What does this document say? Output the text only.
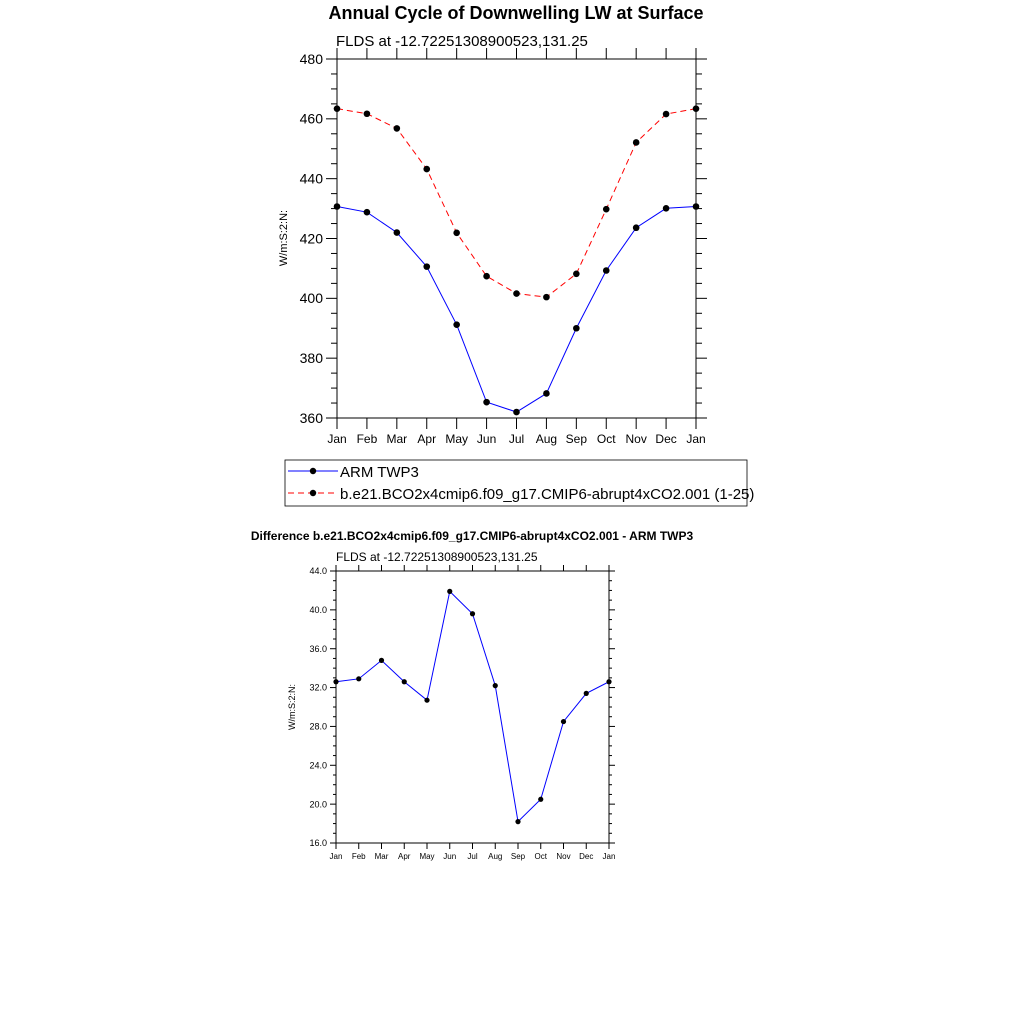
Annual Cycle of Downwelling LW at Surface
FLDS at -12.72251308900523,131.25
W/m:S:2:N:
360
380
400
420
440
460
480
Jan Feb Mar Apr May Jun Jul Aug Sep Oct Nov Dec Jan
ARM TWP3
b.e21.BCO2x4cmip6.f09_g17.CMIP6-abrupt4xCO2.001 (1-25)
Difference b.e21.BCO2x4cmip6.f09_g17.CMIP6-abrupt4xCO2.001 - ARM TWP3
FLDS at -12.72251308900523,131.25
W/m:S:2:N:
16.0
20.0
24.0
28.0
32.0
36.0
40.0
44.0
Jan Feb Mar Apr May Jun Jul Aug Sep Oct Nov Dec Jan
